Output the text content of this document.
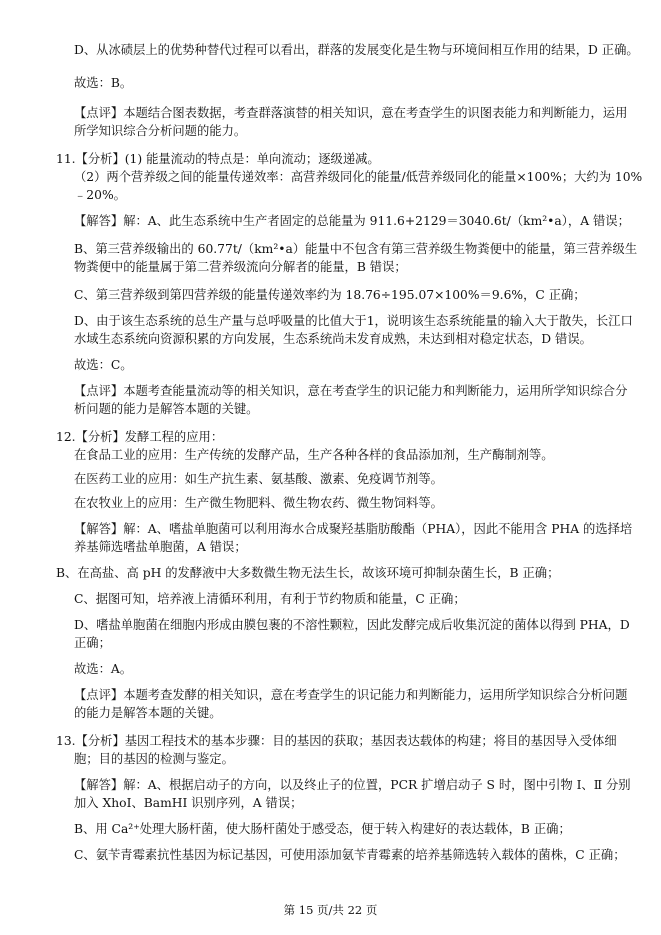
D、从冰碛层上的优势种替代过程可以看出，群落的发展变化是生物与环境间相互作用的结果，D 正确。
故选：B。
【点评】本题结合图表数据，考查群落演替的相关知识，意在考查学生的识图表能力和判断能力，运用
所学知识综合分析问题的能力。
11.【分析】(1) 能量流动的特点是：单向流动；逐级递减。
（2）两个营养级之间的能量传递效率：高营养级同化的能量/低营养级同化的能量×100%；大约为 10%
﹣20%。
【解答】解：A、此生态系统中生产者固定的总能量为 911.6+2129＝3040.6t/（km²•a），A 错误；
B、第三营养级输出的 60.77t/（km²•a）能量中不包含有第三营养级生物粪便中的能量，第三营养级生
物粪便中的能量属于第二营养级流向分解者的能量，B 错误；
C、第三营养级到第四营养级的能量传递效率约为 18.76÷195.07×100%＝9.6%，C 正确；
D、由于该生态系统的总生产量与总呼吸量的比值大于1，说明该生态系统能量的输入大于散失，长江口
水域生态系统向资源积累的方向发展，生态系统尚未发育成熟，未达到相对稳定状态，D 错误。
故选：C。
【点评】本题考查能量流动等的相关知识，意在考查学生的识记能力和判断能力，运用所学知识综合分
析问题的能力是解答本题的关键。
12.【分析】发酵工程的应用：
在食品工业的应用：生产传统的发酵产品，生产各种各样的食品添加剂，生产酶制剂等。
在医药工业的应用：如生产抗生素、氨基酸、激素、免疫调节剂等。
在农牧业上的应用：生产微生物肥料、微生物农药、微生物饲料等。
【解答】解：A、嗜盐单胞菌可以利用海水合成聚羟基脂肪酸酯（PHA），因此不能用含 PHA 的选择培
养基筛选嗜盐单胞菌，A 错误；
B、在高盐、高 pH 的发酵液中大多数微生物无法生长，故该环境可抑制杂菌生长，B 正确；
C、据图可知，培养液上清循环利用，有利于节约物质和能量，C 正确；
D、嗜盐单胞菌在细胞内形成由膜包裹的不溶性颗粒，因此发酵完成后收集沉淀的菌体以得到 PHA，D
正确；
故选：A。
【点评】本题考查发酵的相关知识，意在考查学生的识记能力和判断能力，运用所学知识综合分析问题
的能力是解答本题的关键。
13.【分析】基因工程技术的基本步骤：目的基因的获取；基因表达载体的构建；将目的基因导入受体细
胞；目的基因的检测与鉴定。
【解答】解：A、根据启动子的方向，以及终止子的位置，PCR 扩增启动子 S 时，图中引物 I、Ⅱ 分别
加入 XhoI、BamHI 识别序列，A 错误；
B、用 Ca²⁺处理大肠杆菌，使大肠杆菌处于感受态，便于转入构建好的表达载体，B 正确；
C、氨苄青霉素抗性基因为标记基因，可使用添加氨苄青霉素的培养基筛选转入载体的菌株，C 正确；
第 15 页/共 22 页
